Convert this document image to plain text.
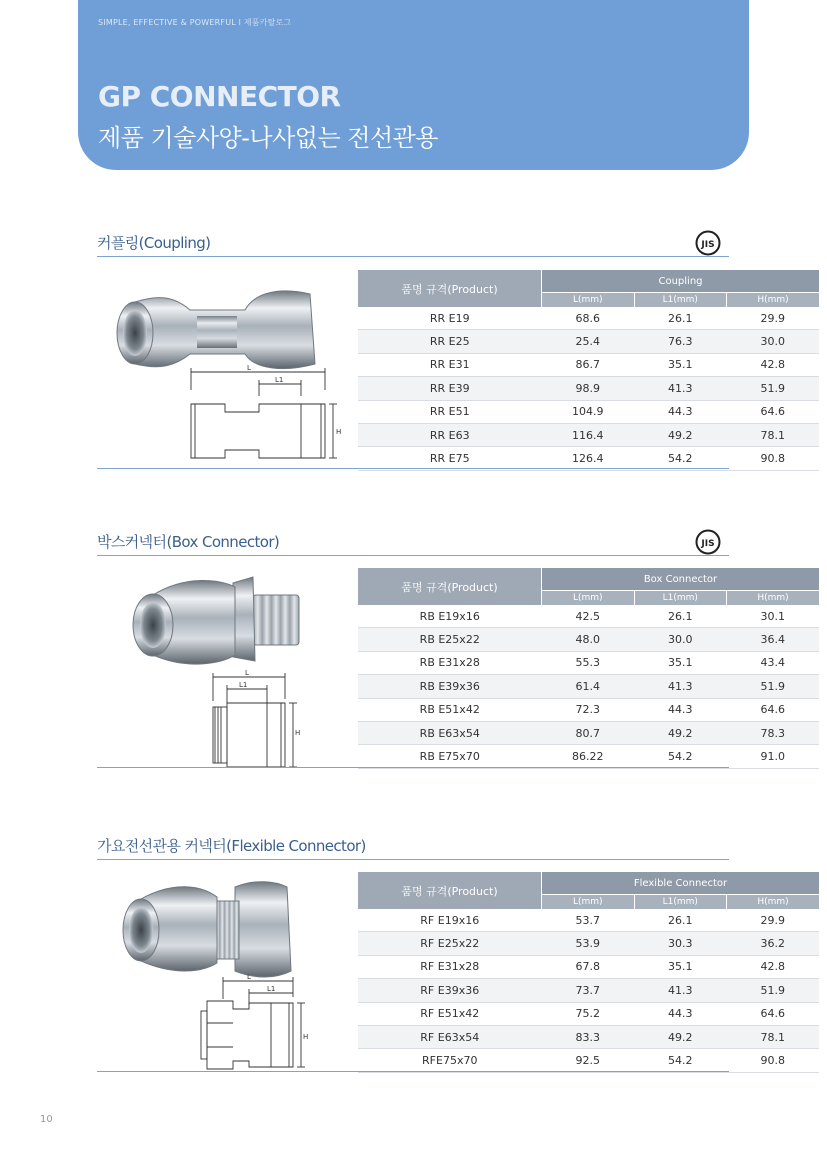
SIMPLE, EFFECTIVE & POWERFUL l 제품카탈로그
GP CONNECTOR
제품 기술사양-나사없는 전선관용
커플링(Coupling)	JIS
L
L1
H
품명 규격(Product)	Coupling		
	L(mm)	L1(mm)	H(mm)
RR E19	68.6	26.1	29.9
RR E25	25.4	76.3	30.0
RR E31	86.7	35.1	42.8
RR E39	98.9	41.3	51.9
RR E51	104.9	44.3	64.6
RR E63	116.4	49.2	78.1
RR E75	126.4	54.2	90.8
박스커넥터(Box Connector)	JIS
L
L1
H
품명 규격(Product)	Box Connector		
	L(mm)	L1(mm)	H(mm)
RB E19x16	42.5	26.1	30.1
RB E25x22	48.0	30.0	36.4
RB E31x28	55.3	35.1	43.4
RB E39x36	61.4	41.3	51.9
RB E51x42	72.3	44.3	64.6
RB E63x54	80.7	49.2	78.3
RB E75x70	86.22	54.2	91.0
가요전선관용 커넥터(Flexible Connector)
L
L1
H
품명 규격(Product)	Flexible Connector		
	L(mm)	L1(mm)	H(mm)
RF E19x16	53.7	26.1	29.9
RF E25x22	53.9	30.3	36.2
RF E31x28	67.8	35.1	42.8
RF E39x36	73.7	41.3	51.9
RF E51x42	75.2	44.3	64.6
RF E63x54	83.3	49.2	78.1
RFE75x70	92.5	54.2	90.8
10
